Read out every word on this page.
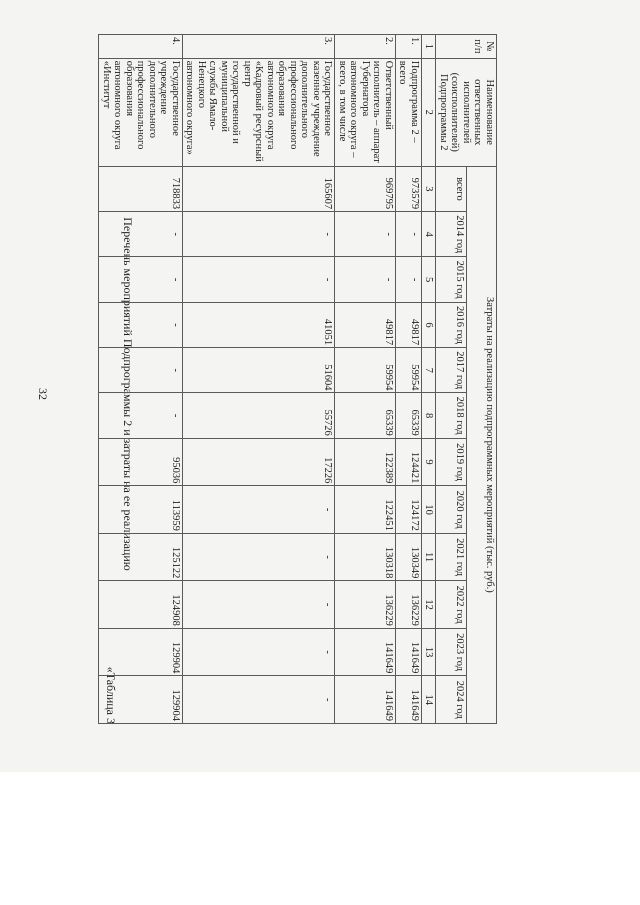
32
«Таблица 3
Перечень мероприятий Подпрограммы 2 и затраты на ее реализацию
№ п/п	Наименование ответственных исполнителей (соисполнителей) Подпрограммы 2	Затраты на реализацию подпрограммных мероприятий (тыс. руб.)											
		всего	2014 год	2015 год	2016 год	2017 год	2018 год	2019 год	2020 год	2021 год	2022 год	2023 год	2024 год
1	2	3	4	5	6	7	8	9	10	11	12	13	14
1.	Подпрограмма 2 – всего	973579	-	-	49817	59954	65339	124421	124172	130349	136229	141649	141649
2.	Ответственный исполнитель – аппарат Губернатора автономного округа – всего, в том числе	969795	-	-	49817	59954	65339	122389	122451	130318	136229	141649	141649
3.	Государственное казенное учреждение дополнительного профессионального образования автономного округа «Кадровый ресурсный центр государственной и муниципальной службы Ямало-Ненецкого автономного округа»	165607	-	-	41051	51604	55726	17226	-	-	-	-	-
4.	Государственное учреждение дополнительного профессионального образования автономного округа «Институт	718833	-	-	-	-	-	95036	113959	125122	124908	129904	129904
